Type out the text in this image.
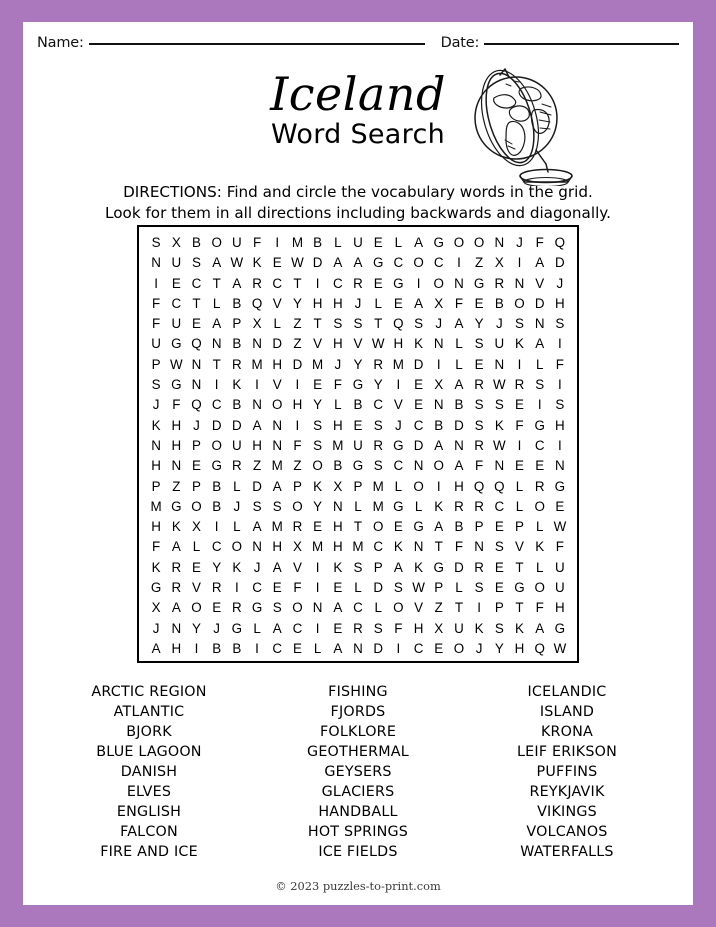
Name:	Date:
Iceland
Word Search
DIRECTIONS: Find and circle the vocabulary words in the grid.
Look for them in all directions including backwards and diagonally.
S X B O U F	I M B L U E L A G O O N J F Q
N U S A W K E W D A A G C O C	I	Z X	I	A D
I	E C T A R C T	I	C R E G I O N G R N V J
F C T L B Q V Y H H J L E A X F E B O D H
F U E A P X L Z T S S T Q S J A Y J S N S
U G Q N B N D Z V H V W H K N L S U K A	I
P W N T R M H D M J Y R M D	I	L E N	I	L F
S G N	I	K	I	V	I	E F G Y	I	E X A R W R S	I
J F Q C B N O H Y L B C V E N B S S E	I	S
K H J D D A N	I	S H E S J C B D S K F G H
N H P O U H N F S M U R G D A N R W I	C	I
H N E G R Z M Z O B G S C N O A F N E E N
P Z P B L D A P K X P M L O I	H Q Q L R G
M G O B J S S O Y N L M G L K R R C L O E
H K X	I	L A M R E H T O E G A B P E P L W
F A L C O N H X M H M C K N T F N S V K F
K R E Y K J A V	I	K S P A K G D R E T L U
G R V R	I	C E F	I	E L D S W P L S E G O U
X A O E R G S O N A C L O V Z T	I	P T F H
J N Y J G L A C	I	E R S F H X U K S K A G
A H	I	B B	I	C E L A N D	I	C E O J Y H Q W
ARCTIC REGION
ATLANTIC
BJORK
BLUE LAGOON
DANISH
ELVES
ENGLISH
FALCON
FIRE AND ICE
FISHING
FJORDS
FOLKLORE
GEOTHERMAL
GEYSERS
GLACIERS
HANDBALL
HOT SPRINGS
ICE FIELDS
ICELANDIC
ISLAND
KRONA
LEIF ERIKSON
PUFFINS
REYKJAVIK
VIKINGS
VOLCANOS
WATERFALLS
© 2023 puzzles-to-print.com
